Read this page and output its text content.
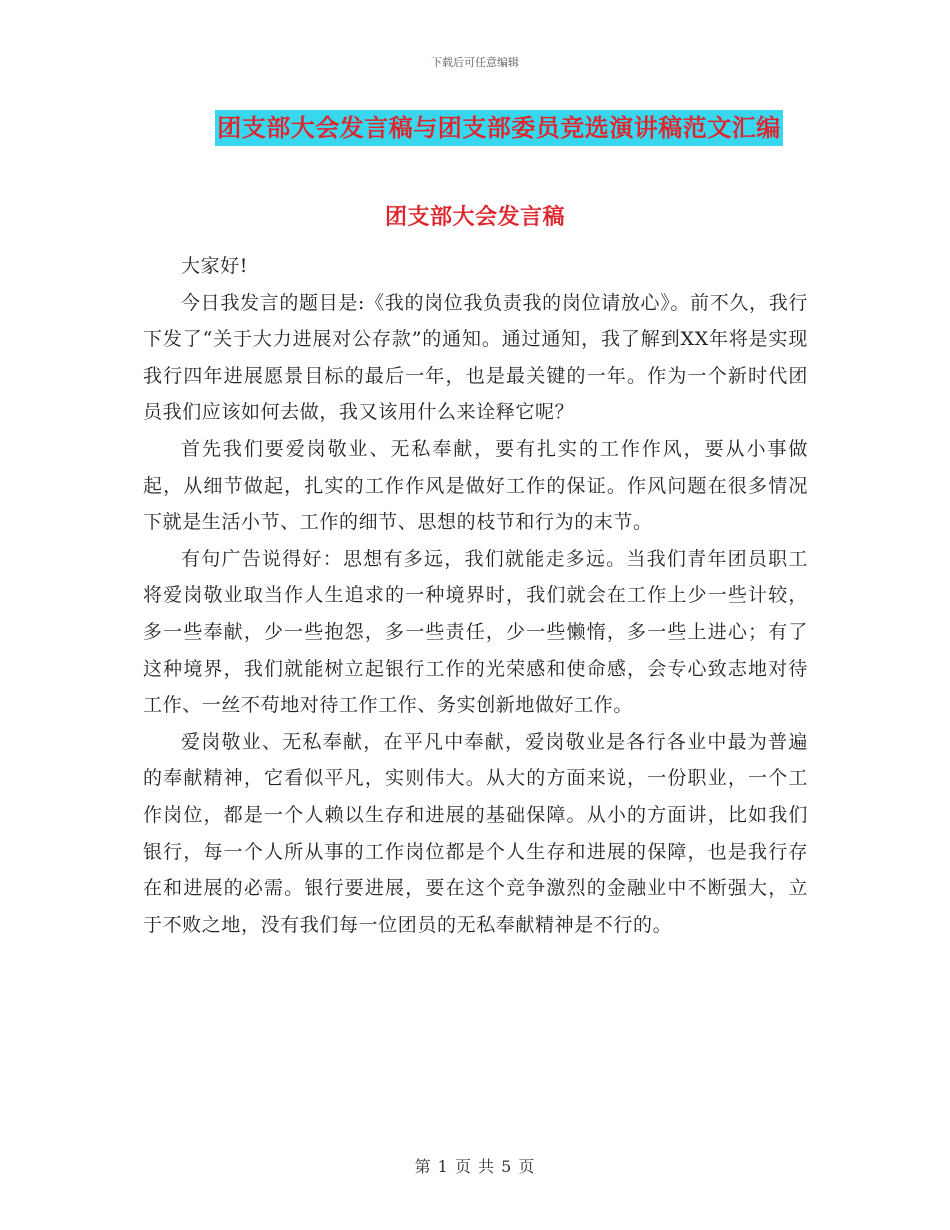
下载后可任意编辑
团支部大会发言稿与团支部委员竞选演讲稿范文汇编
团支部大会发言稿

大家好!

今日我发言的题目是:《我的岗位我负责我的岗位请放心》。前不久，我行下发了“关于大力进展对公存款”的通知。通过通知，我了解到XX年将是实现我行四年进展愿景目标的最后一年，也是最关键的一年。作为一个新时代团员我们应该如何去做，我又该用什么来诠释它呢？

首先我们要爱岗敬业、无私奉献，要有扎实的工作作风，要从小事做起，从细节做起，扎实的工作作风是做好工作的保证。作风问题在很多情况下就是生活小节、工作的细节、思想的枝节和行为的末节。

有句广告说得好：思想有多远，我们就能走多远。当我们青年团员职工将爱岗敬业取当作人生追求的一种境界时，我们就会在工作上少一些计较，多一些奉献，少一些抱怨，多一些责任，少一些懒惰，多一些上进心；有了这种境界，我们就能树立起银行工作的光荣感和使命感，会专心致志地对待工作、一丝不苟地对待工作工作、务实创新地做好工作。

爱岗敬业、无私奉献，在平凡中奉献，爱岗敬业是各行各业中最为普遍的奉献精神，它看似平凡，实则伟大。从大的方面来说，一份职业，一个工作岗位，都是一个人赖以生存和进展的基础保障。从小的方面讲，比如我们银行，每一个人所从事的工作岗位都是个人生存和进展的保障，也是我行存在和进展的必需。银行要进展，要在这个竞争激烈的金融业中不断强大，立于不败之地，没有我们每一位团员的无私奉献精神是不行的。

第 1 页 共 5 页
